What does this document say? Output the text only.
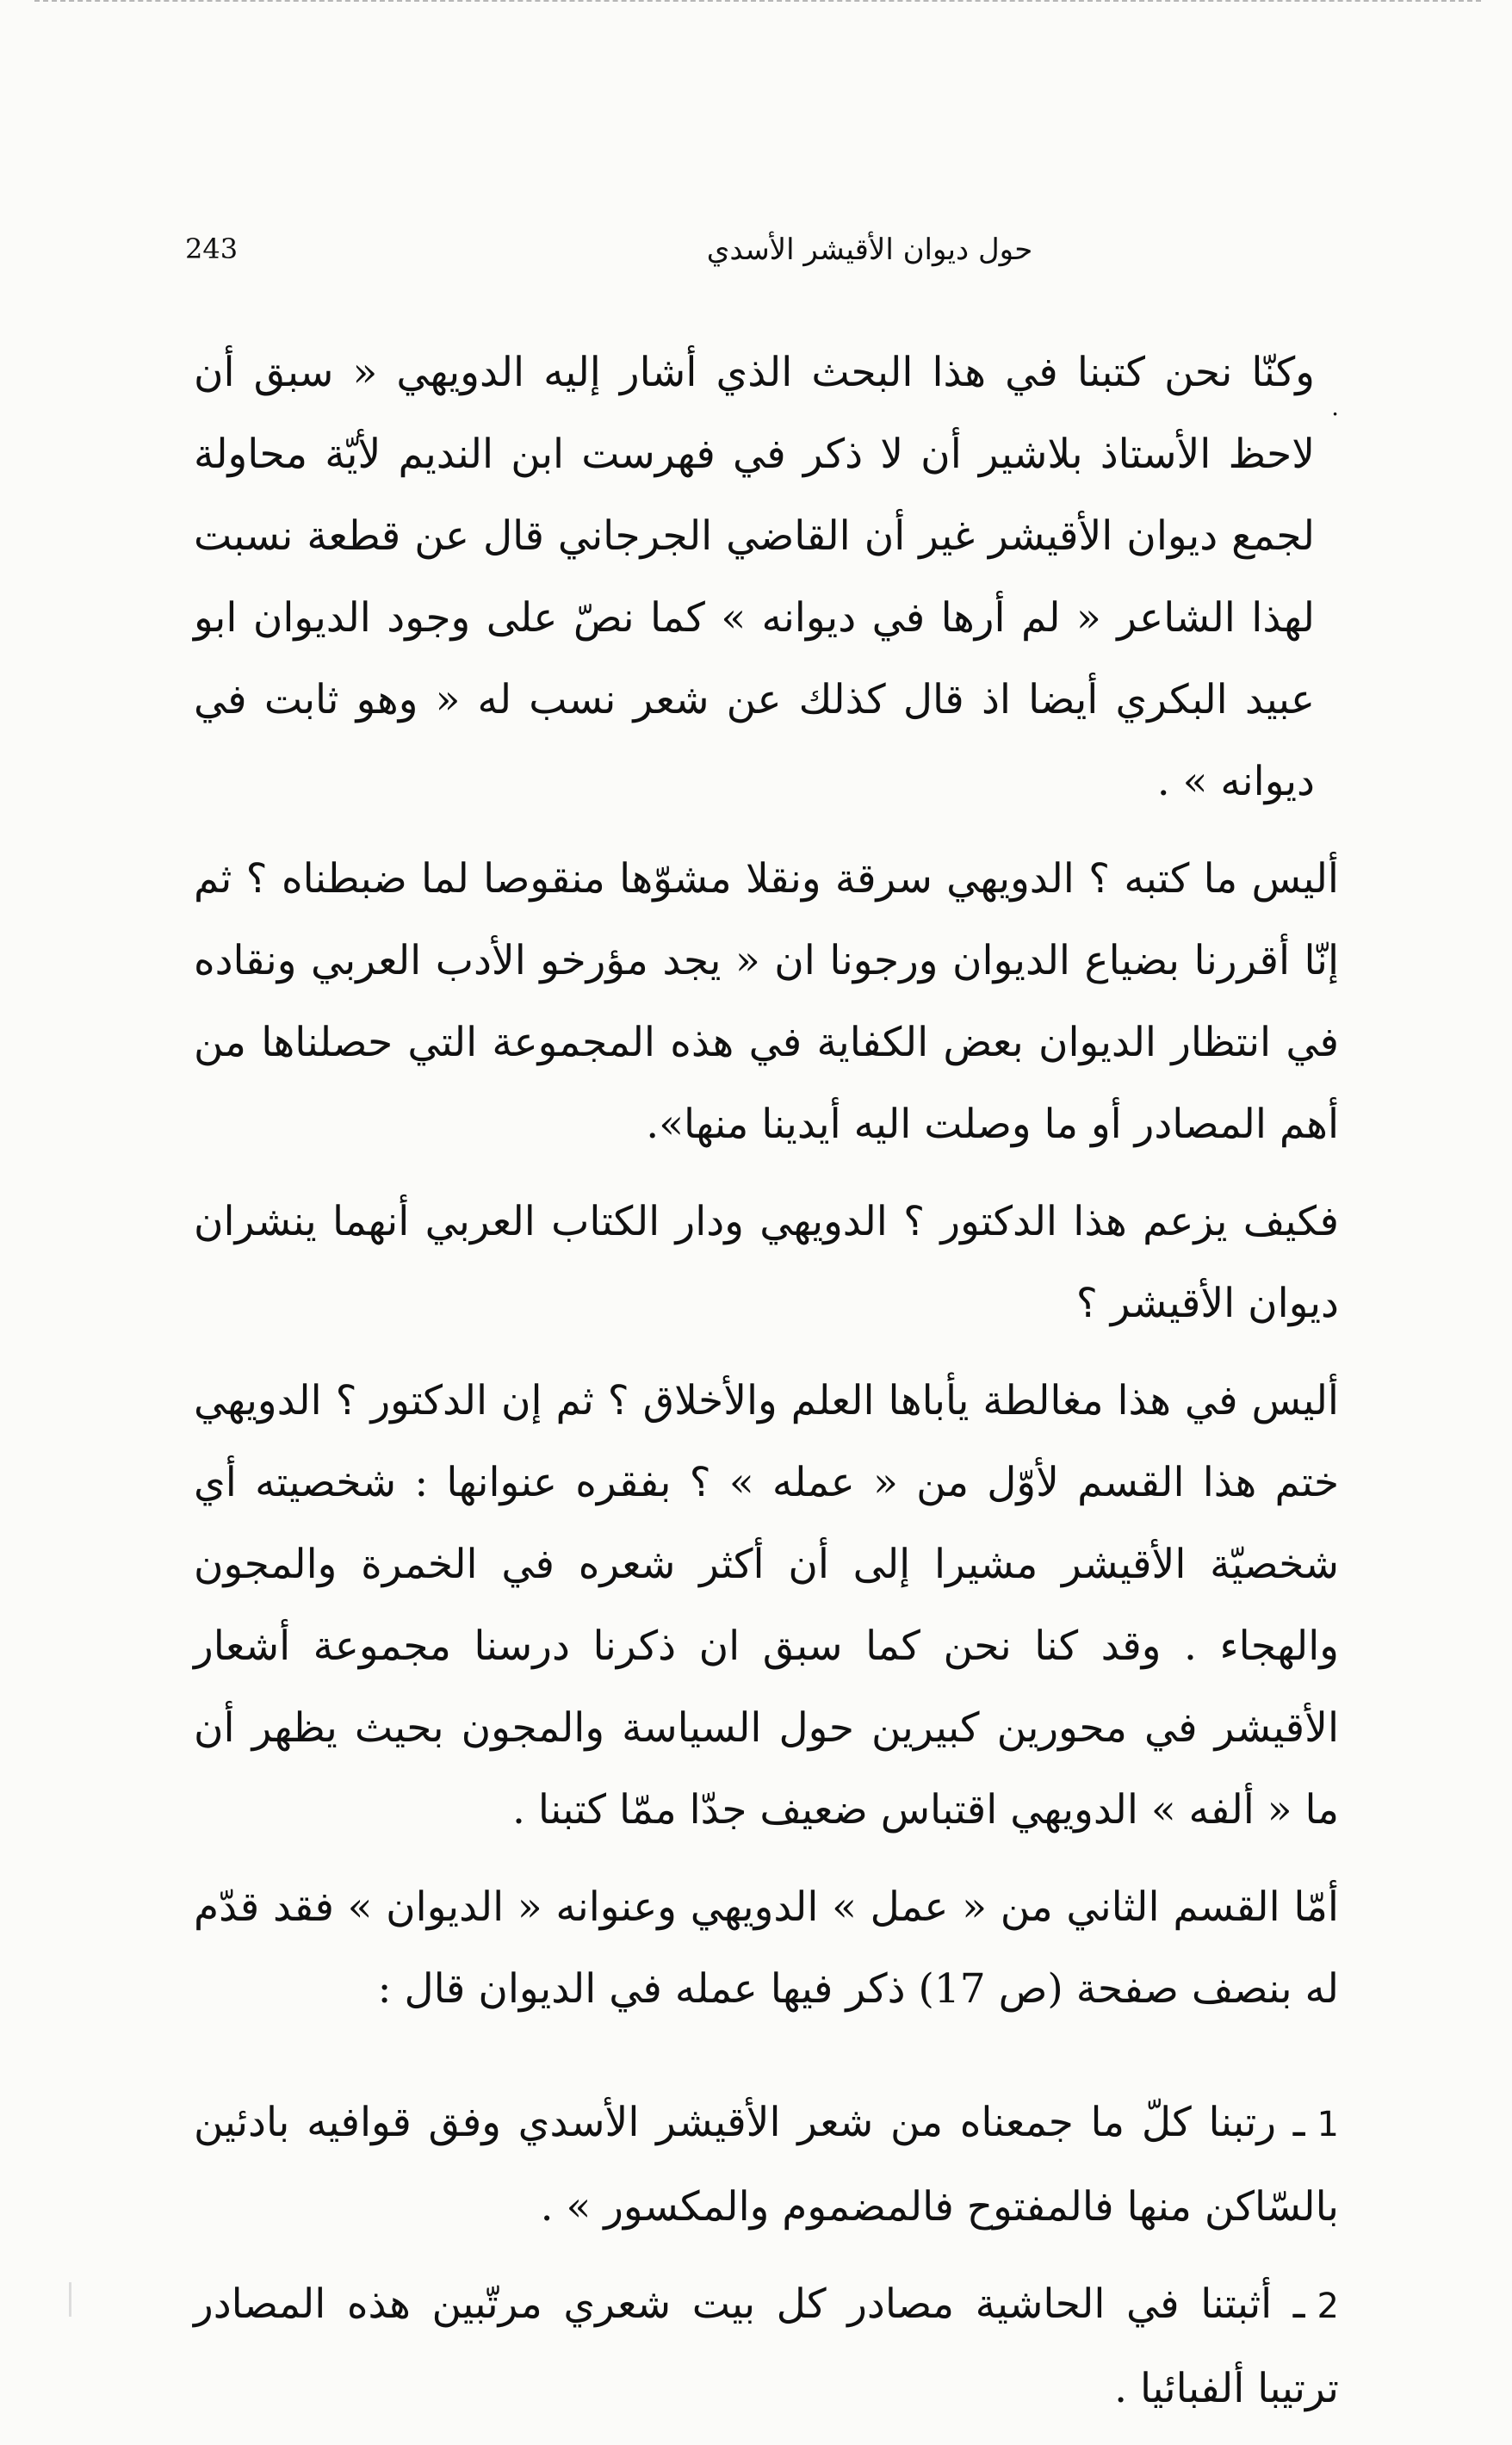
243	حول ديوان الأقيشر الأسدي
.

وكنّا نحن كتبنا في هذا البحث الذي أشار إليه الدويهي « سبق أن لاحظ الأستاذ بلاشير أن لا ذكر في فهرست ابن النديم لأيّة محاولة لجمع ديوان الأقيشر غير أن القاضي الجرجاني قال عن قطعة نسبت لهذا الشاعر « لم أرها في ديوانه » كما نصّ على وجود الديوان ابو عبيد البكري أيضا اذ قال كذلك عن شعر نسب له « وهو ثابت في ديوانه » .

أليس ما كتبه ؟ الدويهي سرقة ونقلا مشوّها منقوصا لما ضبطناه ؟ ثم إنّا أقررنا بضياع الديوان ورجونا ان « يجد مؤرخو الأدب العربي ونقاده في انتظار الديوان بعض الكفاية في هذه المجموعة التي حصلناها من أهم المصادر أو ما وصلت اليه أيدينا منها».

فكيف يزعم هذا الدكتور ؟ الدويهي ودار الكتاب العربي أنهما ينشران ديوان الأقيشر ؟

أليس في هذا مغالطة يأباها العلم والأخلاق ؟ ثم إن الدكتور ؟ الدويهي ختم هذا القسم لأوّل من « عمله » ؟ بفقره عنوانها : شخصيته أي شخصيّة الأقيشر مشيرا إلى أن أكثر شعره في الخمرة والمجون والهجاء . وقد كنا نحن كما سبق ان ذكرنا درسنا مجموعة أشعار الأقيشر في محورين كبيرين حول السياسة والمجون بحيث يظهر أن ما « ألفه » الدويهي اقتباس ضعيف جدّا ممّا كتبنا .

أمّا القسم الثاني من « عمل » الدويهي وعنوانه « الديوان » فقد قدّم له بنصف صفحة (ص 17) ذكر فيها عمله في الديوان قال :

1ـ رتبنا كلّ ما جمعناه من شعر الأقيشر الأسدي وفق قوافيه بادئين بالسّاكن منها فالمفتوح فالمضموم والمكسور » .

2ـ أثبتنا في الحاشية مصادر كل بيت شعري مرتّبين هذه المصادر ترتيبا ألفبائيا .
